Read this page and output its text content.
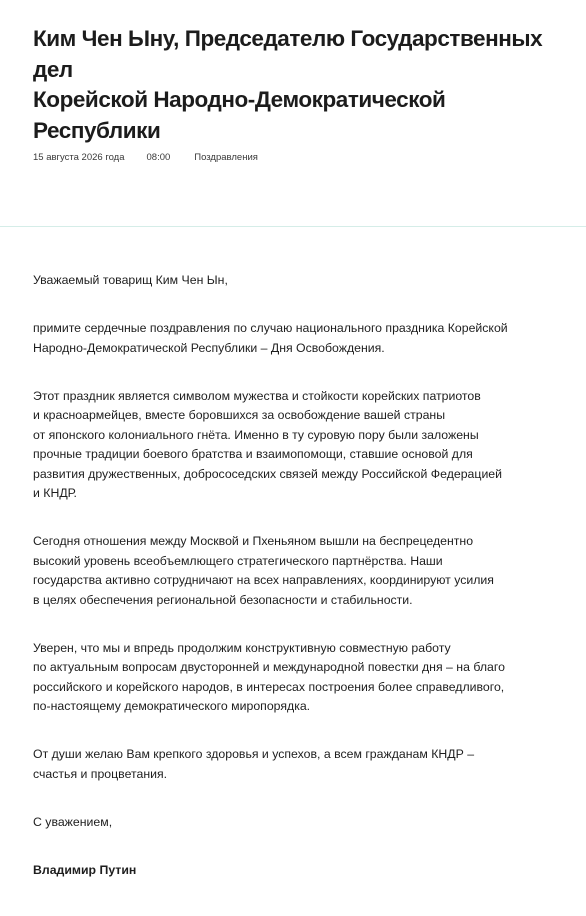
Ким Чен Ыну, Председателю Государственных дел
Корейской Народно-Демократической
Республики
15 августа 2026 года 08:00	Поздравления

Уважаемый товарищ Ким Чен Ын,

примите сердечные поздравления по случаю национального праздника Корейской
Народно-Демократической Республики – Дня Освобождения.

Этот праздник является символом мужества и стойкости корейских патриотов
и красноармейцев, вместе боровшихся за освобождение вашей страны
от японского колониального гнёта. Именно в ту суровую пору были заложены
прочные традиции боевого братства и взаимопомощи, ставшие основой для
развития дружественных, добрососедских связей между Российской Федерацией
и КНДР.

Сегодня отношения между Москвой и Пхеньяном вышли на беспрецедентно
высокий уровень всеобъемлющего стратегического партнёрства. Наши
государства активно сотрудничают на всех направлениях, координируют усилия
в целях обеспечения региональной безопасности и стабильности.

Уверен, что мы и впредь продолжим конструктивную совместную работу
по актуальным вопросам двусторонней и международной повестки дня – на благо
российского и корейского народов, в интересах построения более справедливого,
по-настоящему демократического миропорядка.

От души желаю Вам крепкого здоровья и успехов, а всем гражданам КНДР –
счастья и процветания.

С уважением,

Владимир Путин
